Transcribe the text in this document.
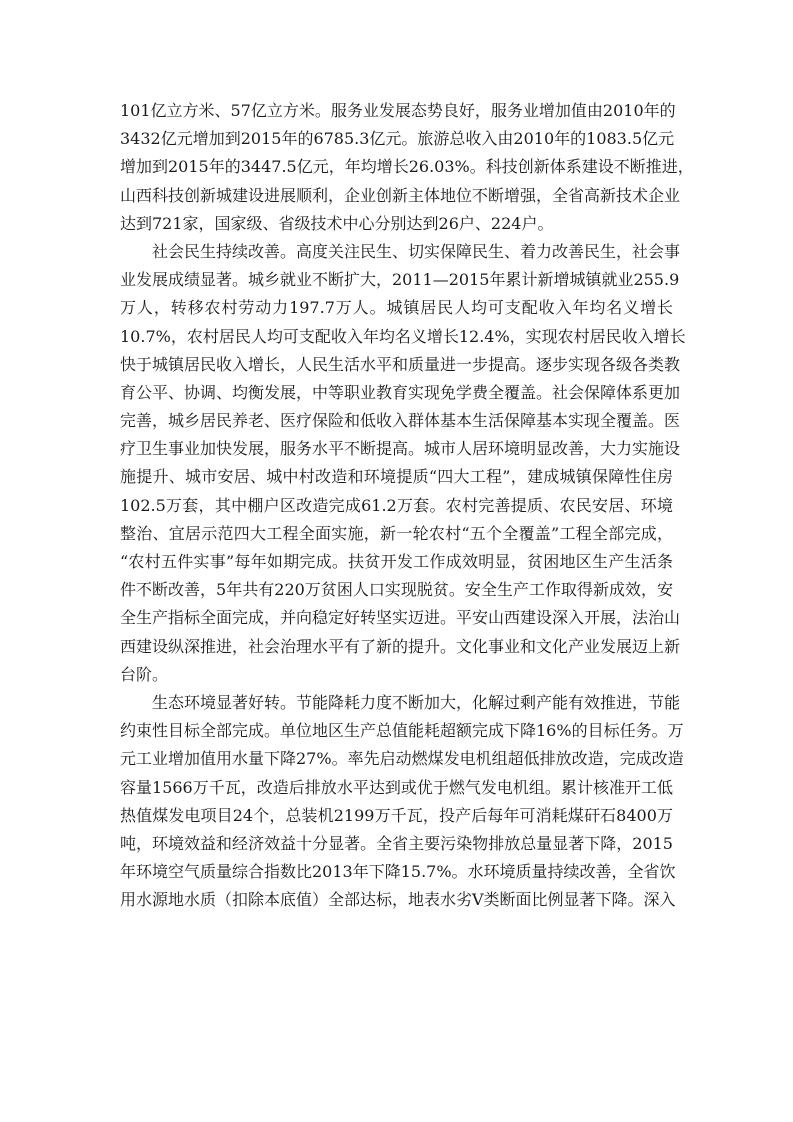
101亿立方米、57亿立方米。服务业发展态势良好，服务业增加值由2010年的
3432亿元增加到2015年的6785.3亿元。旅游总收入由2010年的1083.5亿元
增加到2015年的3447.5亿元，年均增长26.03%。科技创新体系建设不断推进，
山西科技创新城建设进展顺利，企业创新主体地位不断增强，全省高新技术企业
达到721家，国家级、省级技术中心分别达到26户、224户。
社会民生持续改善。高度关注民生、切实保障民生、着力改善民生，社会事
业发展成绩显著。城乡就业不断扩大，2011—2015年累计新增城镇就业255.9
万人，转移农村劳动力197.7万人。城镇居民人均可支配收入年均名义增长
10.7%，农村居民人均可支配收入年均名义增长12.4%，实现农村居民收入增长
快于城镇居民收入增长，人民生活水平和质量进一步提高。逐步实现各级各类教
育公平、协调、均衡发展，中等职业教育实现免学费全覆盖。社会保障体系更加
完善，城乡居民养老、医疗保险和低收入群体基本生活保障基本实现全覆盖。医
疗卫生事业加快发展，服务水平不断提高。城市人居环境明显改善，大力实施设
施提升、城市安居、城中村改造和环境提质“四大工程”，建成城镇保障性住房
102.5万套，其中棚户区改造完成61.2万套。农村完善提质、农民安居、环境
整治、宜居示范四大工程全面实施，新一轮农村“五个全覆盖”工程全部完成，
“农村五件实事”每年如期完成。扶贫开发工作成效明显，贫困地区生产生活条
件不断改善，5年共有220万贫困人口实现脱贫。安全生产工作取得新成效，安
全生产指标全面完成，并向稳定好转坚实迈进。平安山西建设深入开展，法治山
西建设纵深推进，社会治理水平有了新的提升。文化事业和文化产业发展迈上新
台阶。
生态环境显著好转。节能降耗力度不断加大，化解过剩产能有效推进，节能
约束性目标全部完成。单位地区生产总值能耗超额完成下降16%的目标任务。万
元工业增加值用水量下降27%。率先启动燃煤发电机组超低排放改造，完成改造
容量1566万千瓦，改造后排放水平达到或优于燃气发电机组。累计核准开工低
热值煤发电项目24个，总装机2199万千瓦，投产后每年可消耗煤矸石8400万
吨，环境效益和经济效益十分显著。全省主要污染物排放总量显著下降，2015
年环境空气质量综合指数比2013年下降15.7%。水环境质量持续改善，全省饮
用水源地水质（扣除本底值）全部达标，地表水劣Ⅴ类断面比例显著下降。深入
